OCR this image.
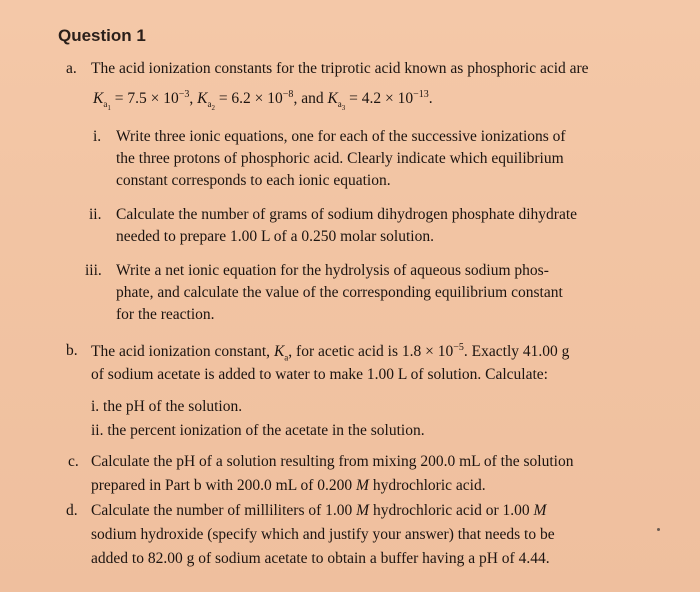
Question 1
a. The acid ionization constants for the triprotic acid known as phosphoric acid are
$K_{a_1} = 7.5 \times 10^{-3}$, $K_{a_2} = 6.2 \times 10^{-8}$, and $K_{a_3} = 4.2 \times 10^{-13}$.
i. Write three ionic equations, one for each of the successive ionizations of
the three protons of phosphoric acid. Clearly indicate which equilibrium
constant corresponds to each ionic equation.
ii. Calculate the number of grams of sodium dihydrogen phosphate dihydrate
needed to prepare 1.00 L of a 0.250 molar solution.
iii. Write a net ionic equation for the hydrolysis of aqueous sodium phos-
phate, and calculate the value of the corresponding equilibrium constant
for the reaction.
b. The acid ionization constant, $K_a$, for acetic acid is $1.8 \times 10^{-5}$. Exactly 41.00 g
of sodium acetate is added to water to make 1.00 L of solution. Calculate:
i. the pH of the solution.
ii. the percent ionization of the acetate in the solution.
c. Calculate the pH of a solution resulting from mixing 200.0 mL of the solution
prepared in Part b with 200.0 mL of 0.200 M hydrochloric acid.
d. Calculate the number of milliliters of 1.00 M hydrochloric acid or 1.00 M
sodium hydroxide (specify which and justify your answer) that needs to be
added to 82.00 g of sodium acetate to obtain a buffer having a pH of 4.44.
